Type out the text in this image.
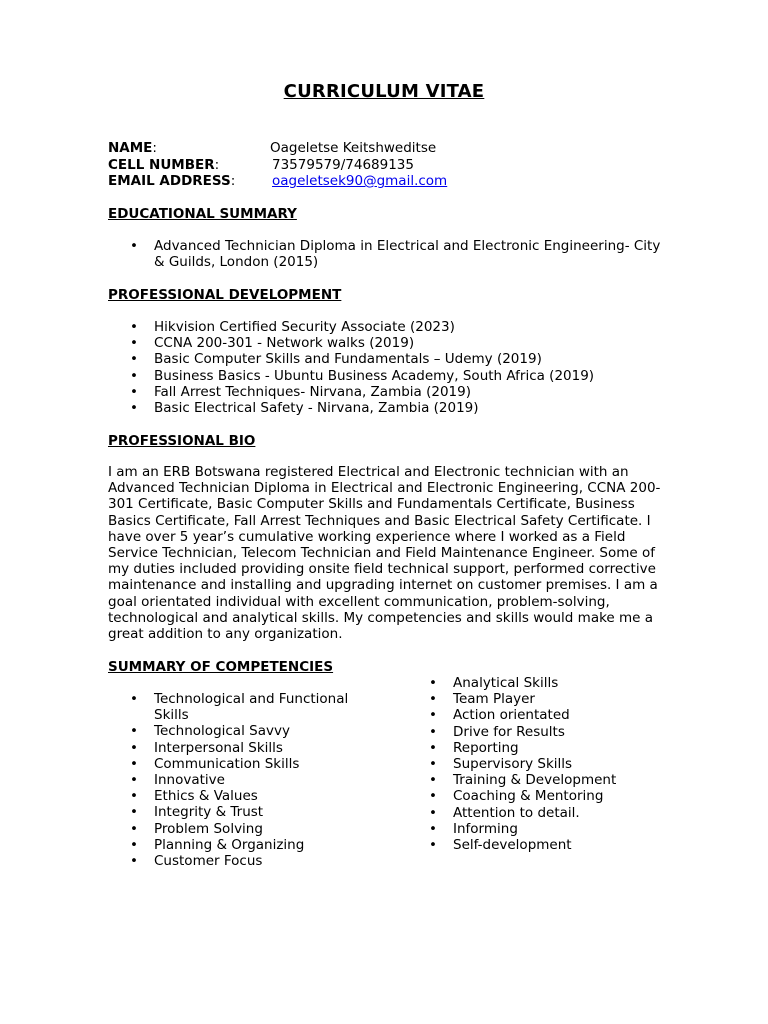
CURRICULUM VITAE
NAME:	Oageletse Keitshweditse
CELL NUMBER:	73579579/74689135
EMAIL ADDRESS:	oageletsek90@gmail.com
EDUCATIONAL SUMMARY
• Advanced Technician Diploma in Electrical and Electronic Engineering- City & Guilds, London (2015)
PROFESSIONAL DEVELOPMENT
• Hikvision Certified Security Associate (2023)
• CCNA 200-301 - Network walks (2019)
• Basic Computer Skills and Fundamentals – Udemy (2019)
• Business Basics - Ubuntu Business Academy, South Africa (2019)
• Fall Arrest Techniques- Nirvana, Zambia (2019)
• Basic Electrical Safety - Nirvana, Zambia (2019)
PROFESSIONAL BIO
I am an ERB Botswana registered Electrical and Electronic technician with an Advanced Technician Diploma in Electrical and Electronic Engineering, CCNA 200-301 Certificate, Basic Computer Skills and Fundamentals Certificate, Business Basics Certificate, Fall Arrest Techniques and Basic Electrical Safety Certificate. I have over 5 year’s cumulative working experience where I worked as a Field Service Technician, Telecom Technician and Field Maintenance Engineer. Some of my duties included providing onsite field technical support, performed corrective maintenance and installing and upgrading internet on customer premises. I am a goal orientated individual with excellent communication, problem-solving, technological and analytical skills. My competencies and skills would make me a great addition to any organization.
SUMMARY OF COMPETENCIES
• Technological and Functional Skills
• Technological Savvy
• Interpersonal Skills
• Communication Skills
• Innovative
• Ethics & Values
• Integrity & Trust
• Problem Solving
• Planning & Organizing
• Customer Focus
• Analytical Skills
• Team Player
• Action orientated
• Drive for Results
• Reporting
• Supervisory Skills
• Training & Development
• Coaching & Mentoring
• Attention to detail.
• Informing
• Self-development
